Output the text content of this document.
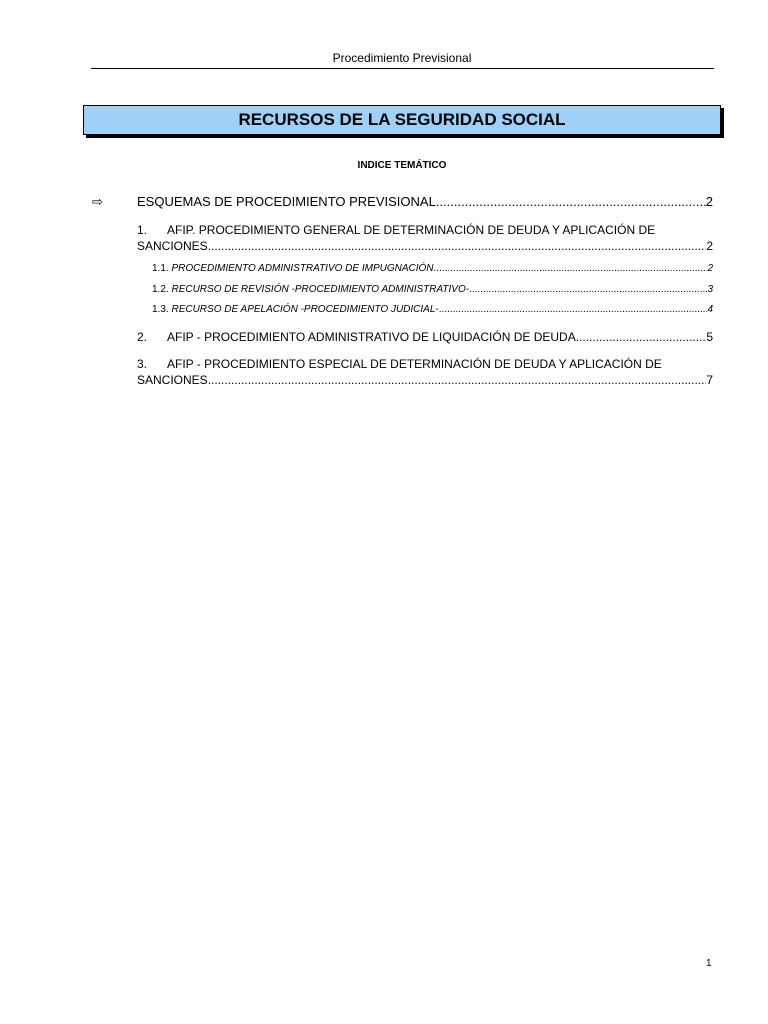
Procedimiento Previsional
RECURSOS DE LA SEGURIDAD SOCIAL
INDICE TEMÁTICO
⇨	ESQUEMAS DE PROCEDIMIENTO PREVISIONAL .....	2
1. AFIP. PROCEDIMIENTO GENERAL DE DETERMINACIÓN DE DEUDA Y APLICACIÓN DE
SANCIONES .....	2
1.1. PROCEDIMIENTO ADMINISTRATIVO DE IMPUGNACIÓN .....	2
1.2. RECURSO DE REVISIÓN -PROCEDIMIENTO ADMINISTRATIVO- .....	3
1.3. RECURSO DE APELACIÓN -PROCEDIMIENTO JUDICIAL- .....	4
2. AFIP - PROCEDIMIENTO ADMINISTRATIVO DE LIQUIDACIÓN DE DEUDA .....	5
3. AFIP - PROCEDIMIENTO ESPECIAL DE DETERMINACIÓN DE DEUDA Y APLICACIÓN DE
SANCIONES .....	7
1
